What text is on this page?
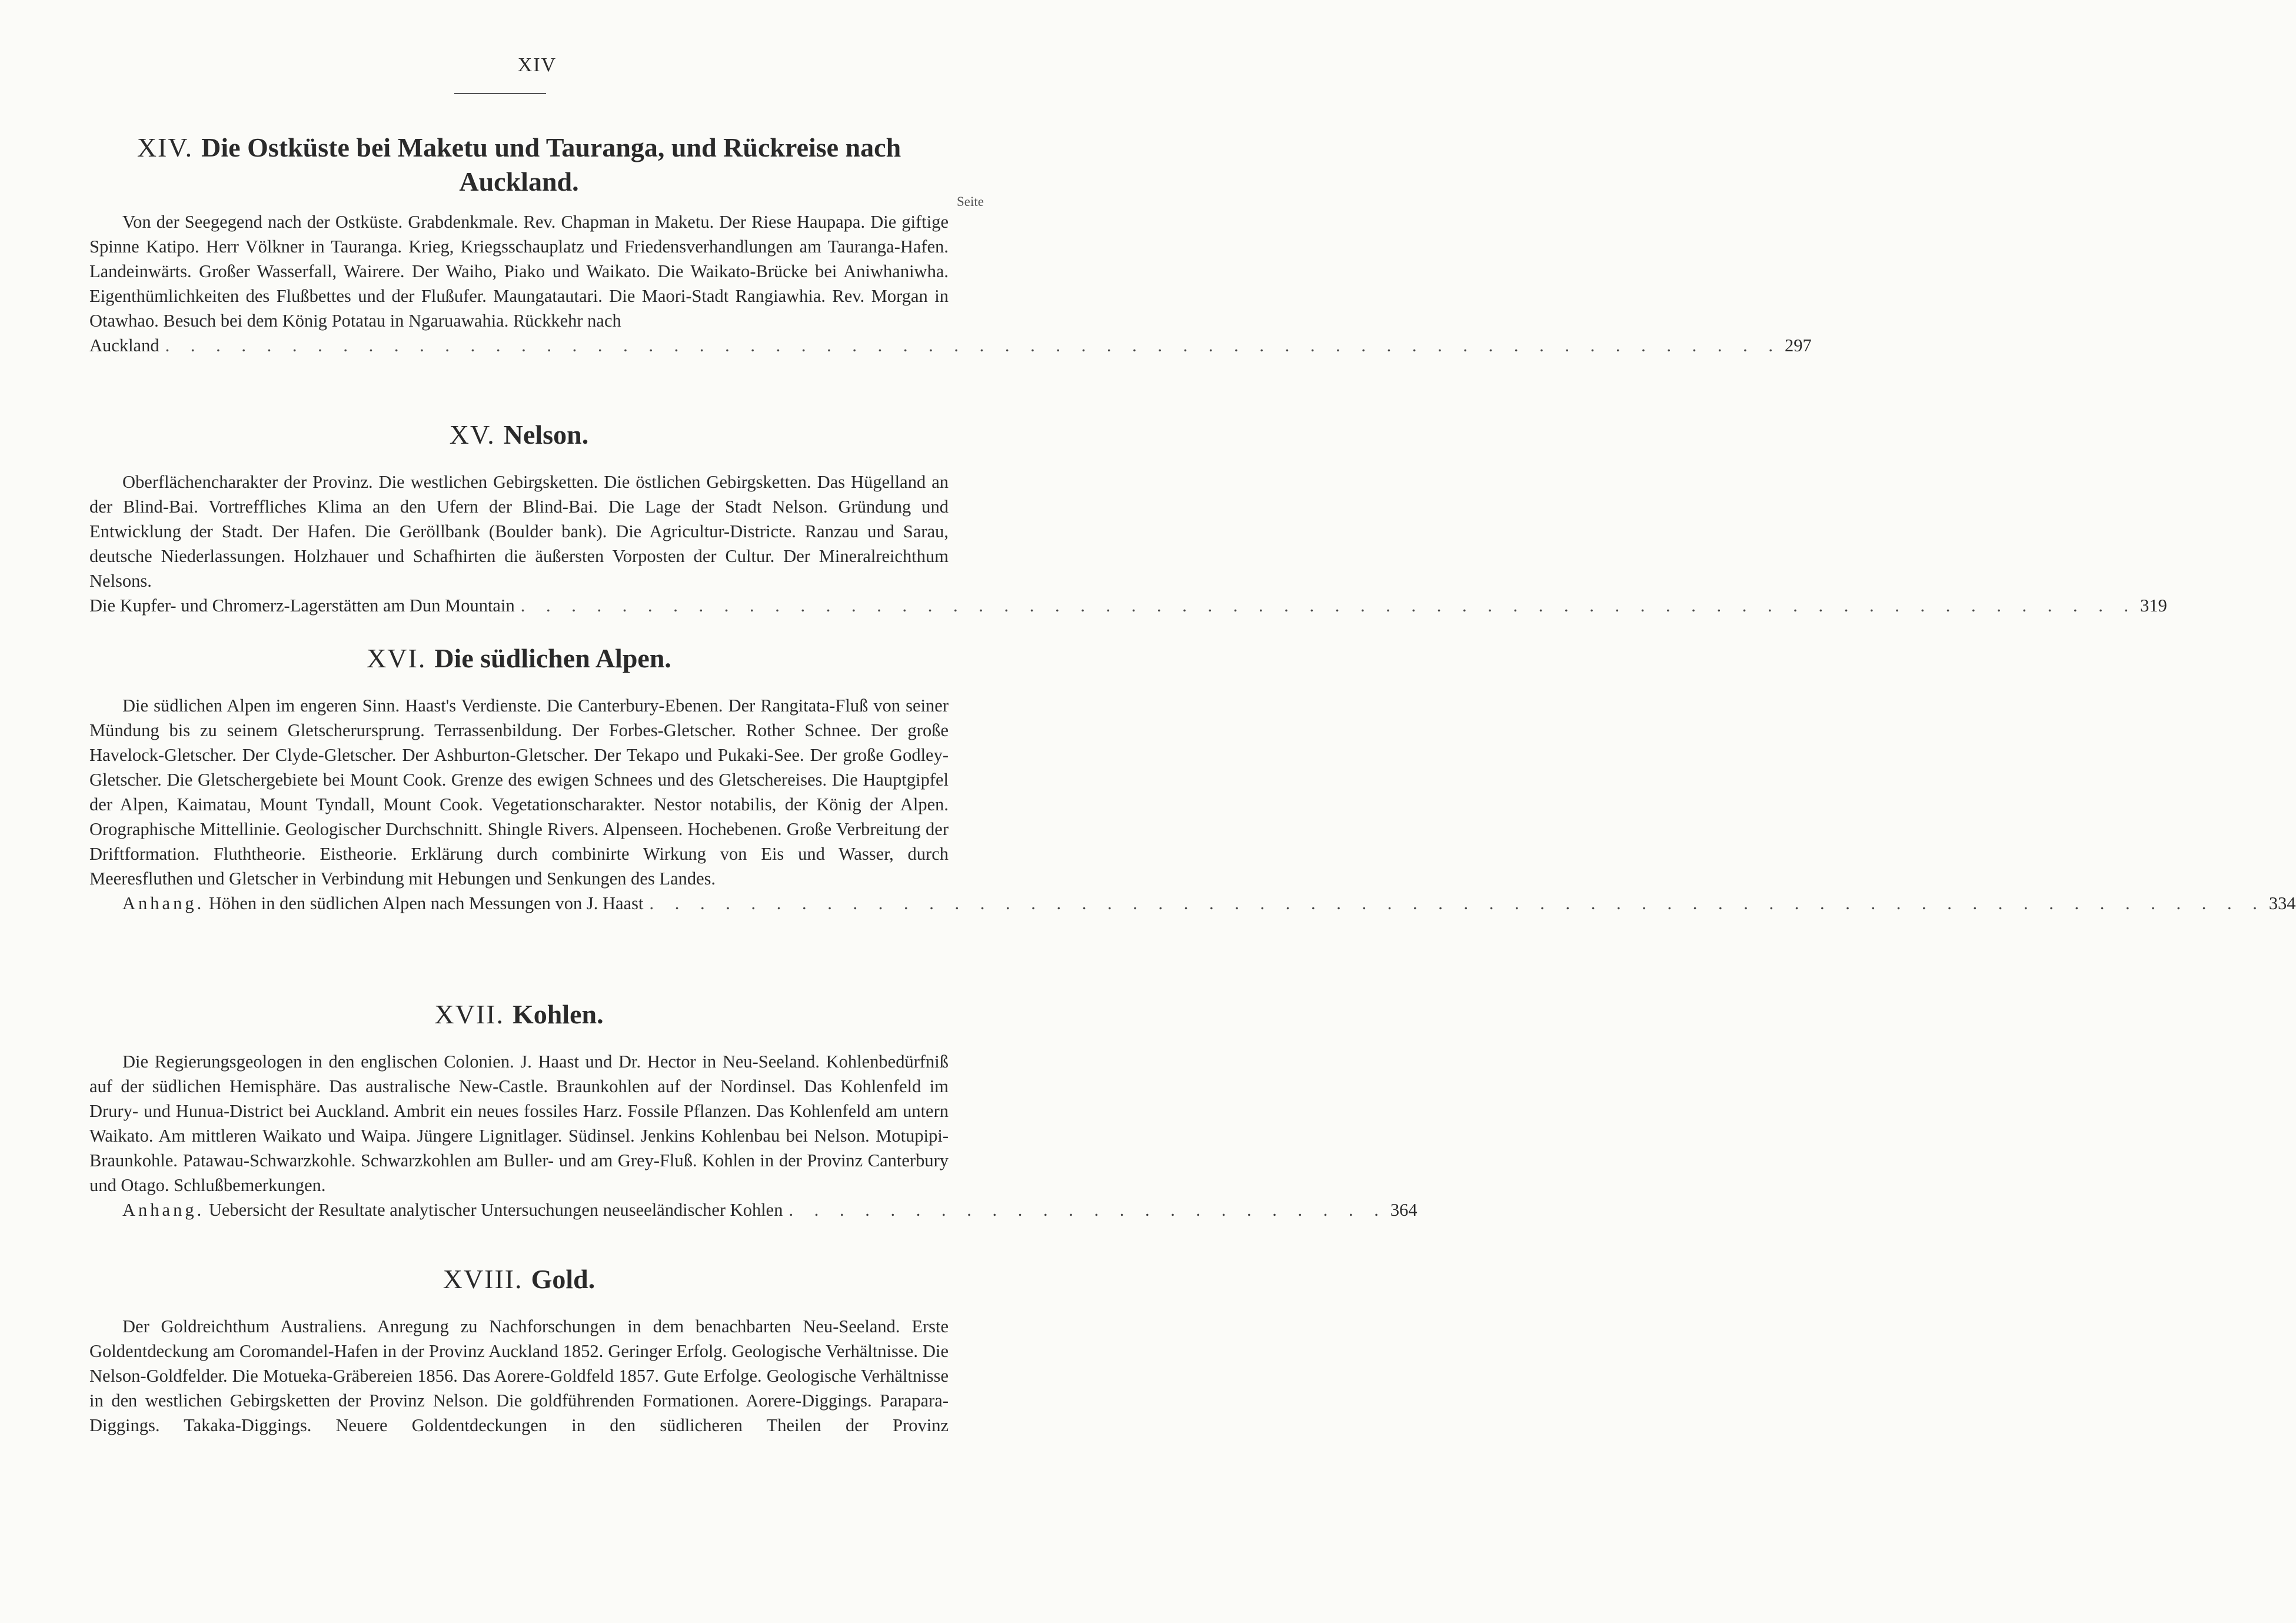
XIV
Seite
XIV. Die Ostküste bei Maketu und Tauranga, und Rückreise nach Auckland.

Von der Seegegend nach der Ostküste. Grabdenkmale. Rev. Chapman in Maketu. Der Riese Haupapa. Die giftige Spinne Katipo. Herr Völkner in Tauranga. Krieg, Kriegsschauplatz und Friedensverhandlungen am Tauranga-Hafen. Landeinwärts. Großer Wasserfall, Wairere. Der Waiho, Piako und Waikato. Die Waikato-Brücke bei Aniwhaniwha. Eigenthümlichkeiten des Flußbettes und der Flußufer. Maungatautari. Die Maori-Stadt Rangiawhia. Rev. Morgan in Otawhao. Besuch bei dem König Potatau in Ngaruawahia. Rückkehr nach

Auckland . . . . . . . . . . . . . . . . . . . . . . . . . . . . . . . . . . . . . . . . . . . . . . . . . . . . . . . . . . . . . . . . 297
XV. Nelson.

Oberflächencharakter der Provinz. Die westlichen Gebirgsketten. Die östlichen Gebirgsketten. Das Hügelland an der Blind-Bai. Vortreffliches Klima an den Ufern der Blind-Bai. Die Lage der Stadt Nelson. Gründung und Entwicklung der Stadt. Der Hafen. Die Geröllbank (Boulder bank). Die Agricultur-Districte. Ranzau und Sarau, deutsche Niederlassungen. Holzhauer und Schafhirten die äußersten Vorposten der Cultur. Der Mineralreichthum Nelsons.

Die Kupfer- und Chromerz-Lagerstätten am Dun Mountain . . . . . . . . . . . . . . . . . . . . . . . . . . . . . . . . . . . . . . . . . . . . . . . . . . . . . . . . . . . . . . . . 319
XVI. Die südlichen Alpen.

Die südlichen Alpen im engeren Sinn. Haast's Verdienste. Die Canterbury-Ebenen. Der Rangitata-Fluß von seiner Mündung bis zu seinem Gletscherursprung. Terrassenbildung. Der Forbes-Gletscher. Rother Schnee. Der große Havelock-Gletscher. Der Clyde-Gletscher. Der Ashburton-Gletscher. Der Tekapo und Pukaki-See. Der große Godley-Gletscher. Die Gletschergebiete bei Mount Cook. Grenze des ewigen Schnees und des Gletschereises. Die Hauptgipfel der Alpen, Kaimatau, Mount Tyndall, Mount Cook. Vegetationscharakter. Nestor notabilis, der König der Alpen. Orographische Mittellinie. Geologischer Durchschnitt. Shingle Rivers. Alpenseen. Hochebenen. Große Verbreitung der Driftformation. Fluththeorie. Eistheorie. Erklärung durch combinirte Wirkung von Eis und Wasser, durch Meeresfluthen und Gletscher in Verbindung mit Hebungen und Senkungen des Landes.

Anhang. Höhen in den südlichen Alpen nach Messungen von J. Haast . . . . . . . . . . . . . . . . . . . . . . . . . . . . . . . . . . . . . . . . . . . . . . . . . . . . . . . . . . . . . . . . 334
XVII. Kohlen.

Die Regierungsgeologen in den englischen Colonien. J. Haast und Dr. Hector in Neu-Seeland. Kohlenbedürfniß auf der südlichen Hemisphäre. Das australische New-Castle. Braunkohlen auf der Nordinsel. Das Kohlenfeld im Drury- und Hunua-District bei Auckland. Ambrit ein neues fossiles Harz. Fossile Pflanzen. Das Kohlenfeld am untern Waikato. Am mittleren Waikato und Waipa. Jüngere Lignitlager. Südinsel. Jenkins Kohlenbau bei Nelson. Motupipi-Braunkohle. Patawau-Schwarzkohle. Schwarzkohlen am Buller- und am Grey-Fluß. Kohlen in der Provinz Canterbury und Otago. Schlußbemerkungen.

Anhang. Uebersicht der Resultate analytischer Untersuchungen neuseeländischer Kohlen . . . . . . . . . . . . . . . . . . . . . . . . 364
XVIII. Gold.

Der Goldreichthum Australiens. Anregung zu Nachforschungen in dem benachbarten Neu-Seeland. Erste Goldentdeckung am Coromandel-Hafen in der Provinz Auckland 1852. Geringer Erfolg. Geologische Verhältnisse. Die Nelson-Goldfelder. Die Motueka-Gräbereien 1856. Das Aorere-Goldfeld 1857. Gute Erfolge. Geologische Verhältnisse in den westlichen Gebirgsketten der Provinz Nelson. Die goldführenden Formationen. Aorere-Diggings. Parapara-Diggings. Takaka-Diggings. Neuere Goldentdeckungen in den südlicheren Theilen der Provinz
